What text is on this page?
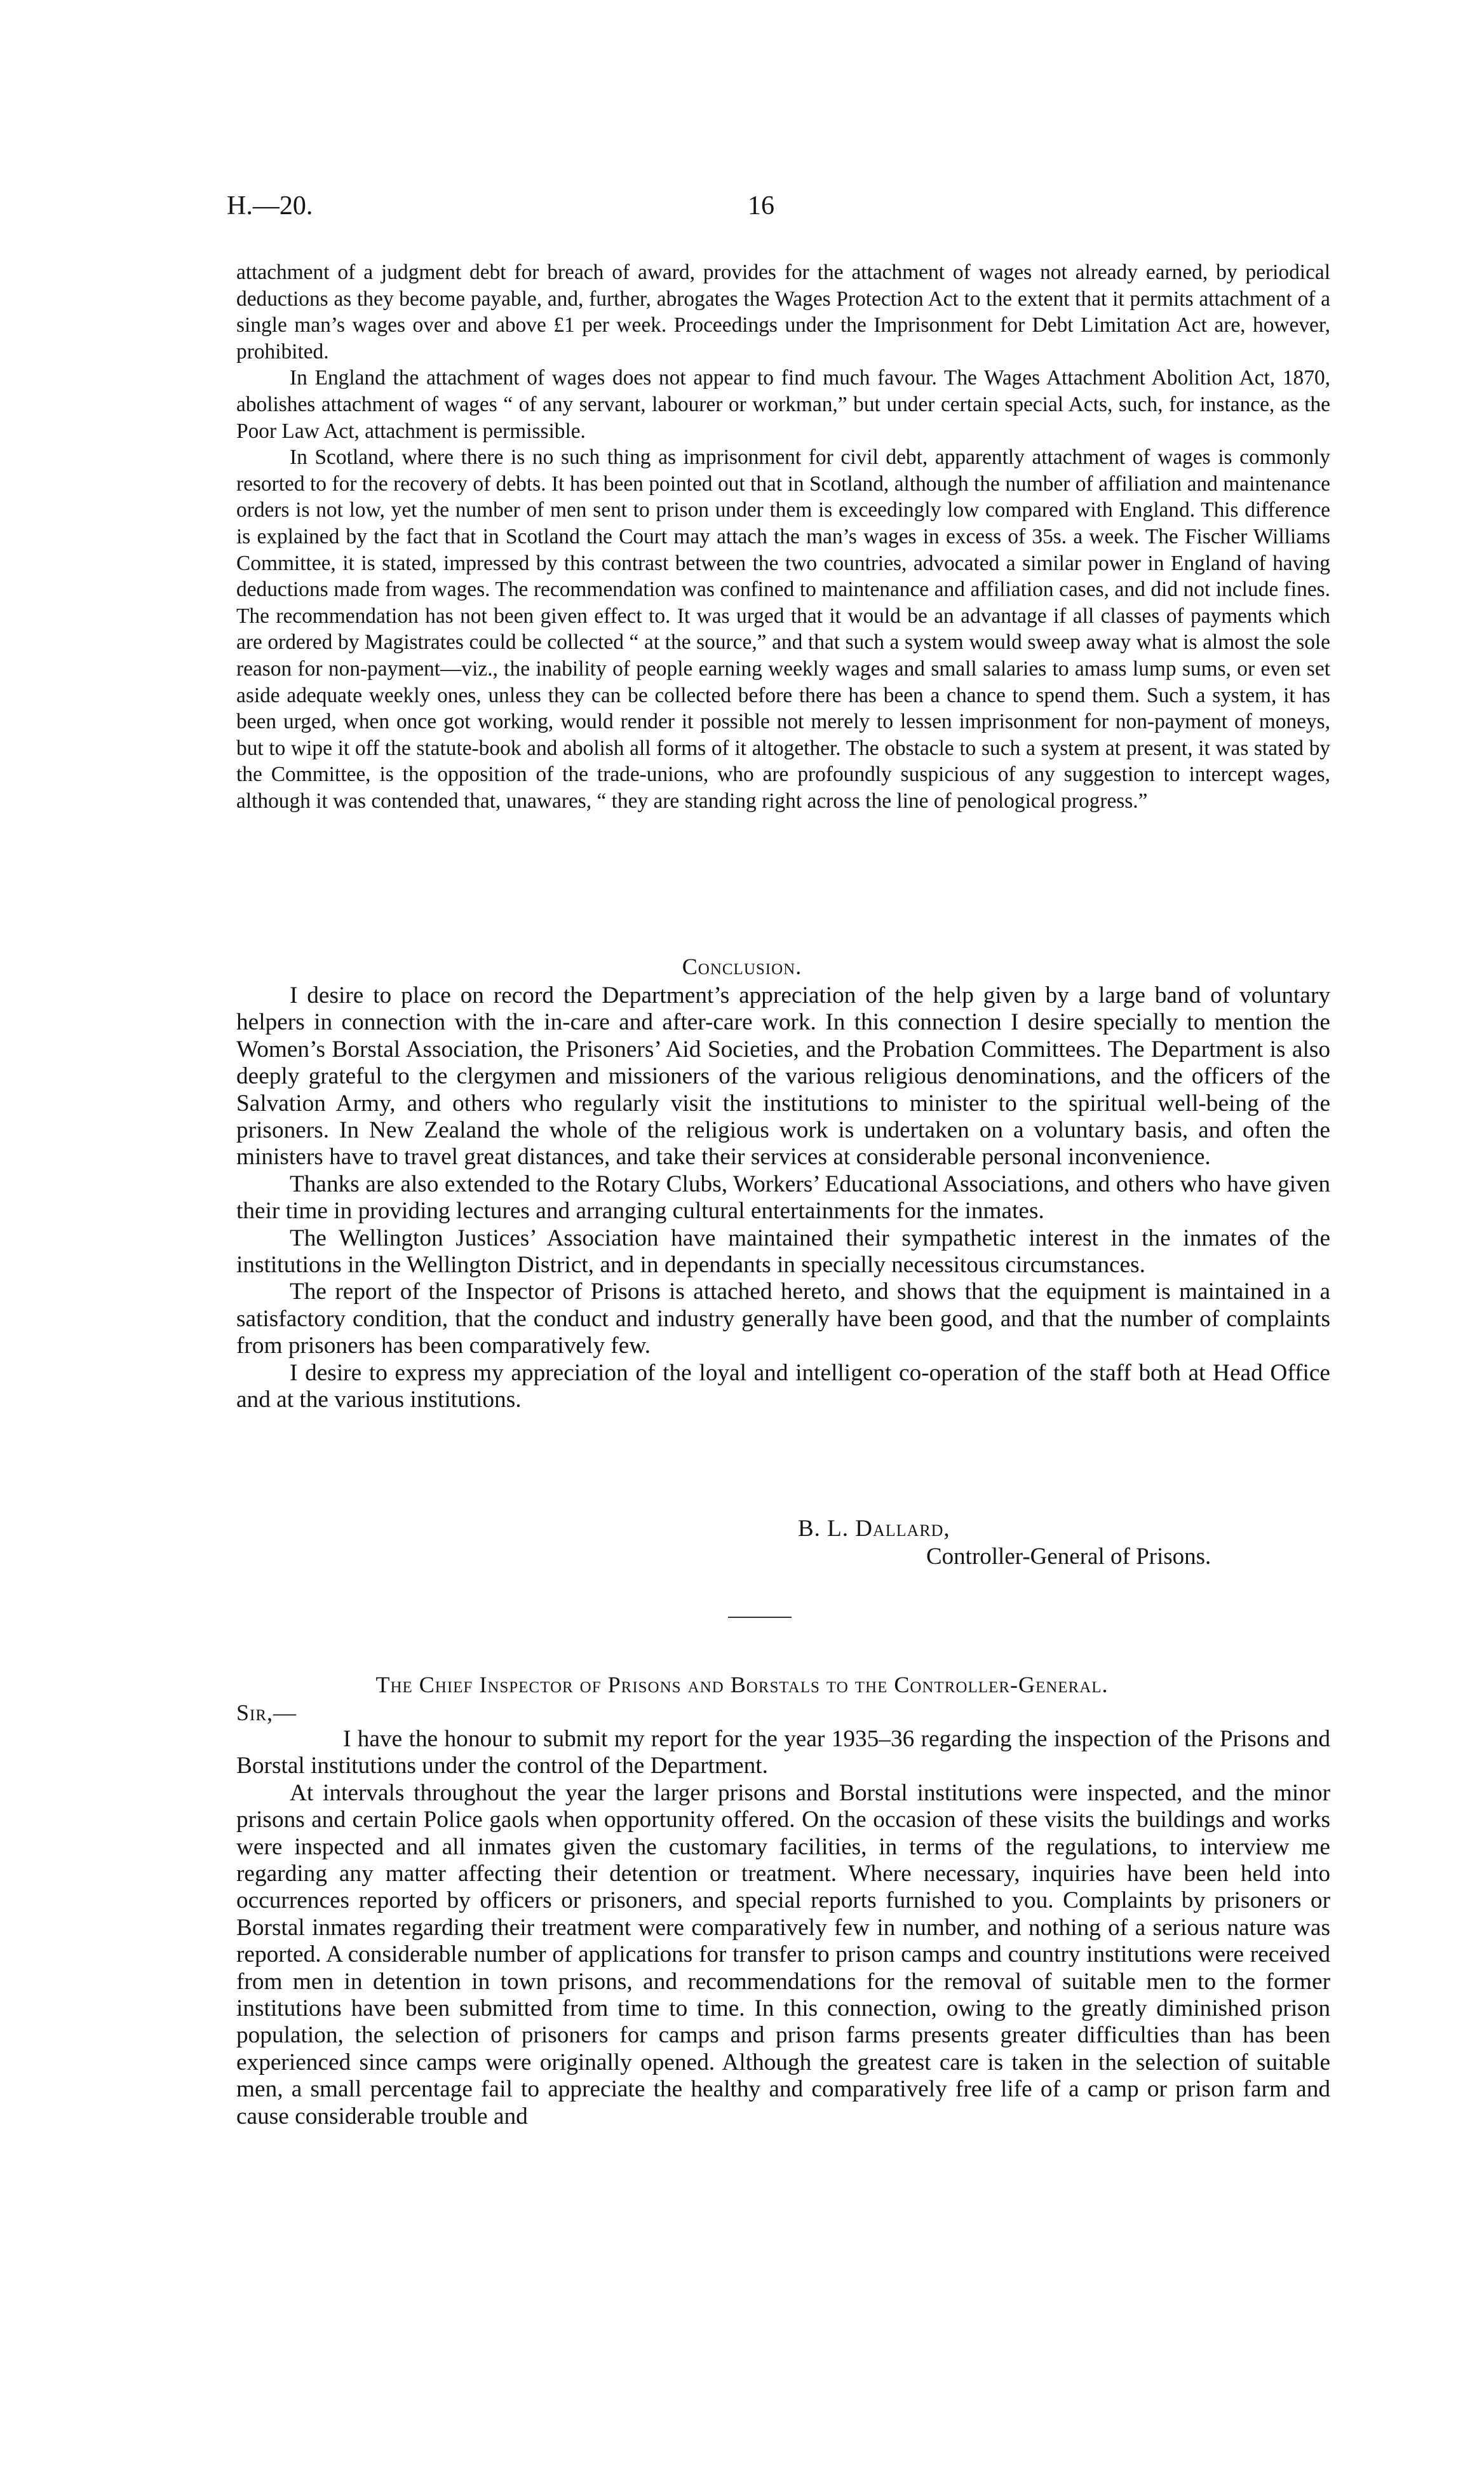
H.—20.	16

attachment of a judgment debt for breach of award, provides for the attachment of wages not already earned, by periodical deductions as they become payable, and, further, abrogates the Wages Protection Act to the extent that it permits attachment of a single man’s wages over and above £1 per week. Proceedings under the Imprisonment for Debt Limitation Act are, however, prohibited.

In England the attachment of wages does not appear to find much favour. The Wages Attachment Abolition Act, 1870, abolishes attachment of wages “ of any servant, labourer or workman,” but under certain special Acts, such, for instance, as the Poor Law Act, attachment is permissible.

In Scotland, where there is no such thing as imprisonment for civil debt, apparently attachment of wages is commonly resorted to for the recovery of debts. It has been pointed out that in Scotland, although the number of affiliation and maintenance orders is not low, yet the number of men sent to prison under them is exceedingly low compared with England. This difference is explained by the fact that in Scotland the Court may attach the man’s wages in excess of 35s. a week. The Fischer Williams Committee, it is stated, impressed by this contrast between the two countries, advocated a similar power in England of having deductions made from wages. The recommendation was confined to maintenance and affiliation cases, and did not include fines. The recommendation has not been given effect to. It was urged that it would be an advantage if all classes of payments which are ordered by Magistrates could be collected “ at the source,” and that such a system would sweep away what is almost the sole reason for non-payment—viz., the inability of people earning weekly wages and small salaries to amass lump sums, or even set aside adequate weekly ones, unless they can be collected before there has been a chance to spend them. Such a system, it has been urged, when once got working, would render it possible not merely to lessen imprisonment for non-payment of moneys, but to wipe it off the statute-book and abolish all forms of it altogether. The obstacle to such a system at present, it was stated by the Committee, is the opposition of the trade-unions, who are profoundly suspicious of any suggestion to intercept wages, although it was contended that, unawares, “ they are standing right across the line of penological progress.”

Conclusion.

I desire to place on record the Department’s appreciation of the help given by a large band of voluntary helpers in connection with the in-care and after-care work. In this connection I desire specially to mention the Women’s Borstal Association, the Prisoners’ Aid Societies, and the Probation Committees. The Department is also deeply grateful to the clergymen and missioners of the various religious denominations, and the officers of the Salvation Army, and others who regularly visit the institutions to minister to the spiritual well-being of the prisoners. In New Zealand the whole of the religious work is undertaken on a voluntary basis, and often the ministers have to travel great distances, and take their services at considerable personal inconvenience.

Thanks are also extended to the Rotary Clubs, Workers’ Educational Associations, and others who have given their time in providing lectures and arranging cultural entertainments for the inmates.

The Wellington Justices’ Association have maintained their sympathetic interest in the inmates of the institutions in the Wellington District, and in dependants in specially necessitous circumstances.

The report of the Inspector of Prisons is attached hereto, and shows that the equipment is maintained in a satisfactory condition, that the conduct and industry generally have been good, and that the number of complaints from prisoners has been comparatively few.

I desire to express my appreciation of the loyal and intelligent co-operation of the staff both at Head Office and at the various institutions.

B. L. Dallard,
Controller-General of Prisons.
The Chief Inspector of Prisons and Borstals to the Controller-General.
Sir,—

I have the honour to submit my report for the year 1935–36 regarding the inspection of the Prisons and Borstal institutions under the control of the Department.

At intervals throughout the year the larger prisons and Borstal institutions were inspected, and the minor prisons and certain Police gaols when opportunity offered. On the occasion of these visits the buildings and works were inspected and all inmates given the customary facilities, in terms of the regulations, to interview me regarding any matter affecting their detention or treatment. Where necessary, inquiries have been held into occurrences reported by officers or prisoners, and special reports furnished to you. Complaints by prisoners or Borstal inmates regarding their treatment were comparatively few in number, and nothing of a serious nature was reported. A considerable number of applications for transfer to prison camps and country institutions were received from men in detention in town prisons, and recommendations for the removal of suitable men to the former institutions have been submitted from time to time. In this connection, owing to the greatly diminished prison population, the selection of prisoners for camps and prison farms presents greater difficulties than has been experienced since camps were originally opened. Although the greatest care is taken in the selection of suitable men, a small percentage fail to appreciate the healthy and comparatively free life of a camp or prison farm and cause considerable trouble and
